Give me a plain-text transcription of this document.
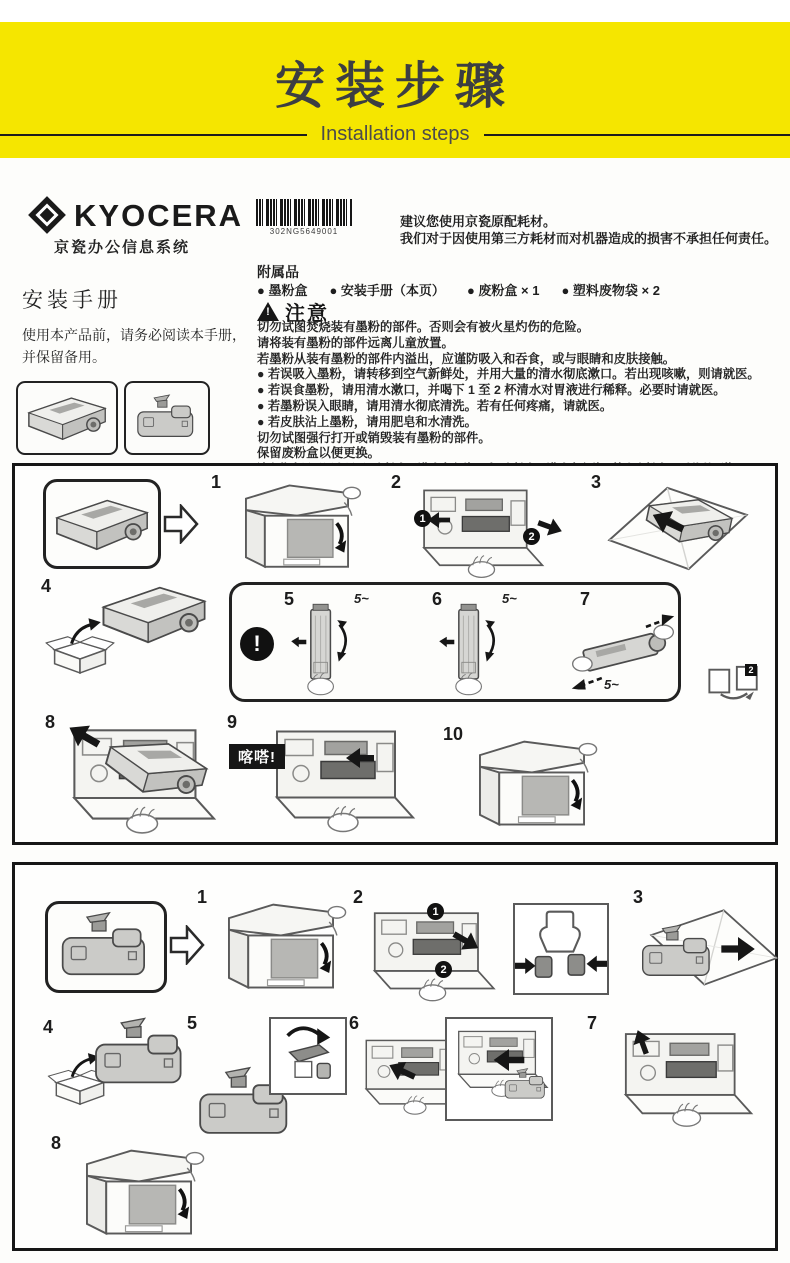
安装步骤
Installation steps
KYOCERA
京瓷办公信息系统
安装手册
使用本产品前，请务必阅读本手册，
并保留备用。
302NG5649001
建议您使用京瓷原配耗材。
我们对于因使用第三方耗材而对机器造成的损害不承担任何责任。
附属品
● 墨粉盒 ● 安装手册（本页） ● 废粉盒 × 1 ● 塑料废物袋 × 2
! 注意
切勿试图焚烧装有墨粉的部件。否则会有被火星灼伤的危险。
请将装有墨粉的部件远离儿童放置。
若墨粉从装有墨粉的部件内溢出，应谨防吸入和吞食，或与眼睛和皮肤接触。
● 若误吸入墨粉，请转移到空气新鲜处，并用大量的清水彻底漱口。若出现咳嗽，则请就医。
● 若误食墨粉，请用清水漱口，并喝下 1 至 2 杯清水对胃液进行稀释。必要时请就医。
● 若墨粉误入眼睛，请用清水彻底清洗。若有任何疼痛，请就医。
● 若皮肤沾上墨粉，请用肥皂和水清洗。
切勿试图强行打开或销毁装有墨粉的部件。
保留废粉盒以便更换。
1	2
1
2
3
4
!
5	5~	6	5~	7
5~
2
8	9
喀嗒!
10
1	2
1
2
3
4	5	6	7
8
